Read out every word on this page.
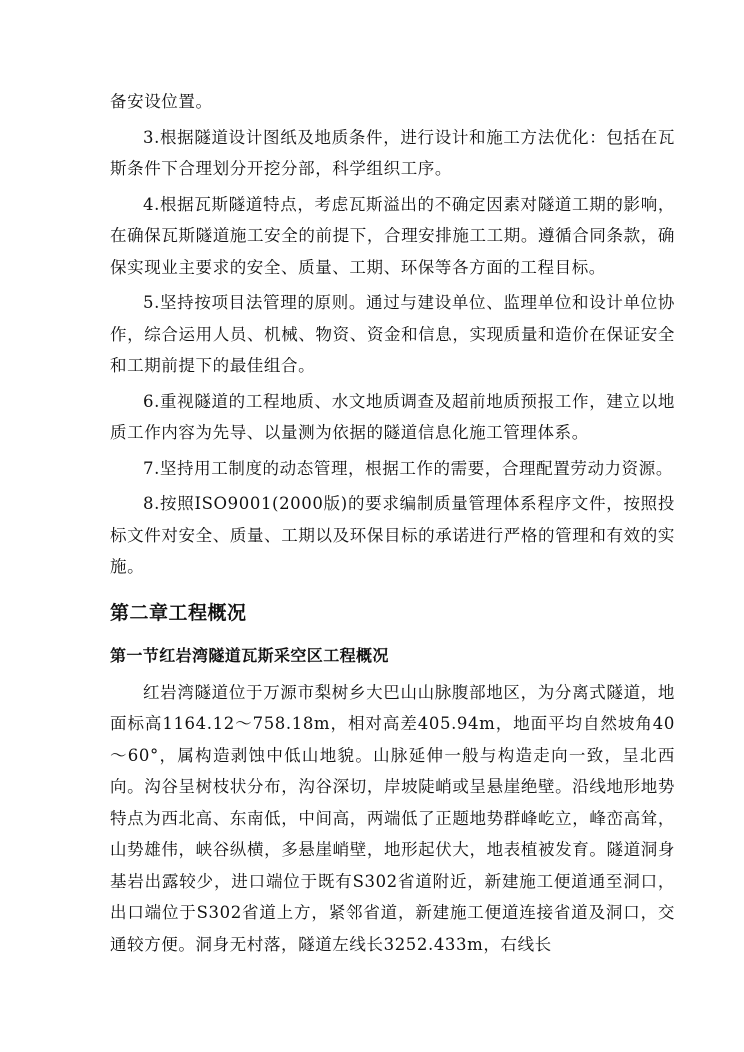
备安设位置。

3.根据隧道设计图纸及地质条件，进行设计和施工方法优化：包括在瓦斯条件下合理划分开挖分部，科学组织工序。

4.根据瓦斯隧道特点，考虑瓦斯溢出的不确定因素对隧道工期的影响，在确保瓦斯隧道施工安全的前提下，合理安排施工工期。遵循合同条款，确保实现业主要求的安全、质量、工期、环保等各方面的工程目标。

5.坚持按项目法管理的原则。通过与建设单位、监理单位和设计单位协作，综合运用人员、机械、物资、资金和信息，实现质量和造价在保证安全和工期前提下的最佳组合。

6.重视隧道的工程地质、水文地质调查及超前地质预报工作，建立以地质工作内容为先导、以量测为依据的隧道信息化施工管理体系。

7.坚持用工制度的动态管理，根据工作的需要，合理配置劳动力资源。

8.按照ISO9001(2000版)的要求编制质量管理体系程序文件，按照投标文件对安全、质量、工期以及环保目标的承诺进行严格的管理和有效的实施。

第二章工程概况
第一节红岩湾隧道瓦斯采空区工程概况

红岩湾隧道位于万源市梨树乡大巴山山脉腹部地区，为分离式隧道，地面标高1164.12～758.18m，相对高差405.94m，地面平均自然坡角40～60°，属构造剥蚀中低山地貌。山脉延伸一般与构造走向一致，呈北西向。沟谷呈树枝状分布，沟谷深切，岸坡陡峭或呈悬崖绝壁。沿线地形地势特点为西北高、东南低，中间高，两端低了正题地势群峰屹立，峰峦高耸，山势雄伟，峡谷纵横，多悬崖峭壁，地形起伏大，地表植被发育。隧道洞身基岩出露较少，进口端位于既有S302省道附近，新建施工便道通至洞口，出口端位于S302省道上方，紧邻省道，新建施工便道连接省道及洞口，交通较方便。洞身无村落，隧道左线长3252.433m，右线长
